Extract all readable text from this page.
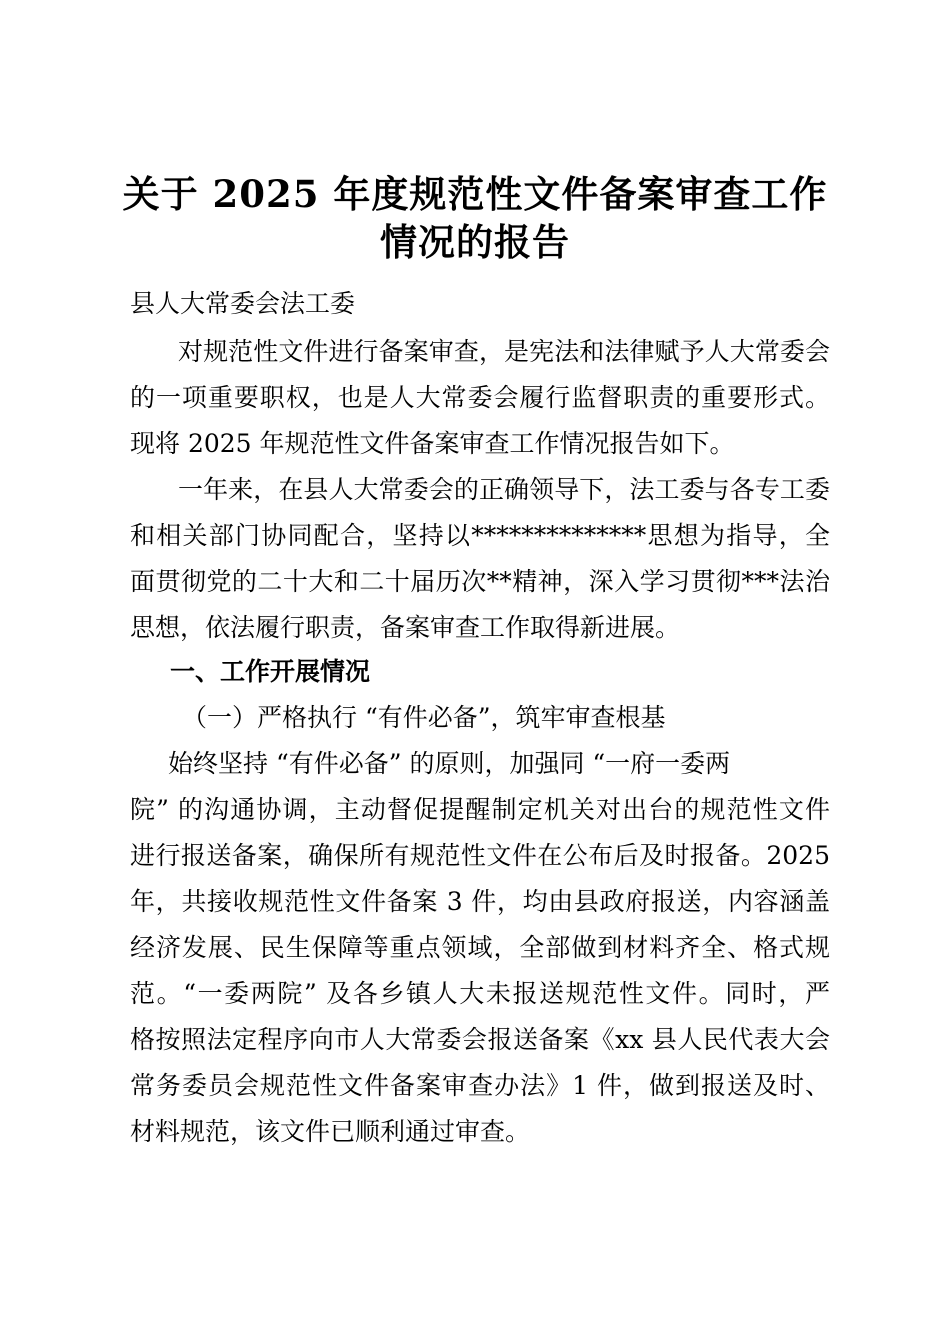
关于 2025 年度规范性文件备案审查工作
情况的报告

县人大常委会法工委

对规范性文件进行备案审查，是宪法和法律赋予人大常委会

的一项重要职权，也是人大常委会履行监督职责的重要形式。

现将 2025 年规范性文件备案审查工作情况报告如下。

一年来，在县人大常委会的正确领导下，法工委与各专工委

和相关部门协同配合，坚持以**************思想为指导，全

面贯彻党的二十大和二十届历次**精神，深入学习贯彻***法治

思想，依法履行职责，备案审查工作取得新进展。

一、工作开展情况

（一）严格执行 “有件必备”，筑牢审查根基

始终坚持 “有件必备” 的原则，加强同 “一府一委两

院” 的沟通协调，主动督促提醒制定机关对出台的规范性文件

进行报送备案，确保所有规范性文件在公布后及时报备。2025

年，共接收规范性文件备案 3 件，均由县政府报送，内容涵盖

经济发展、民生保障等重点领域，全部做到材料齐全、格式规

范。“一委两院” 及各乡镇人大未报送规范性文件。同时，严

格按照法定程序向市人大常委会报送备案《xx 县人民代表大会

常务委员会规范性文件备案审查办法》1 件，做到报送及时、

材料规范，该文件已顺利通过审查。
